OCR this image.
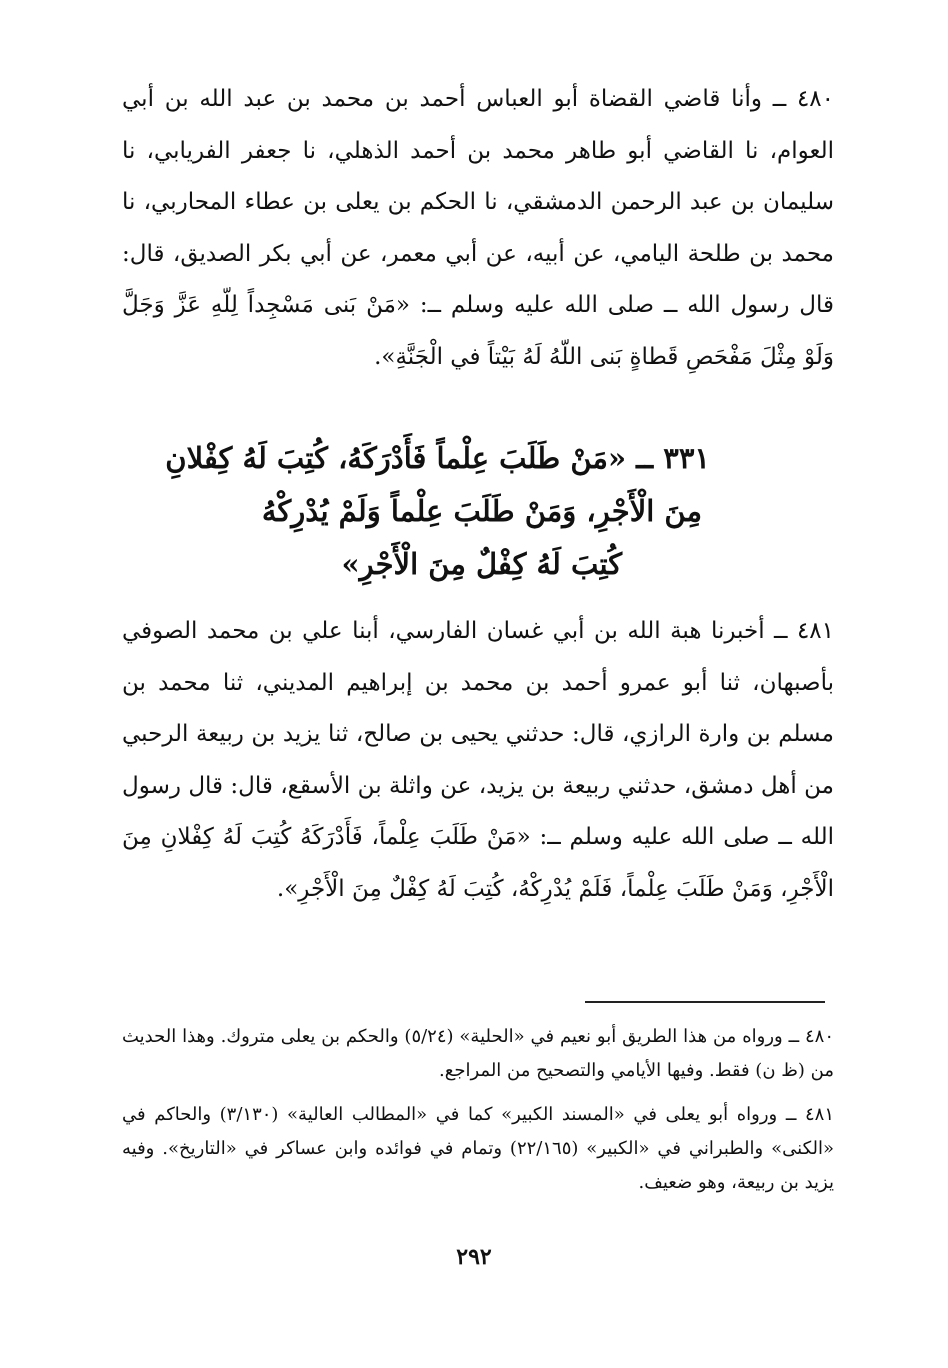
٤٨٠ ــ وأنا قاضي القضاة أبو العباس أحمد بن محمد بن عبد الله بن أبي العوام، نا القاضي أبو طاهر محمد بن أحمد الذهلي، نا جعفر الفريابي، نا سليمان بن عبد الرحمن الدمشقي، نا الحكم بن يعلى بن عطاء المحاربي، نا محمد بن طلحة اليامي، عن أبيه، عن أبي معمر، عن أبي بكر الصديق، قال: قال رسول الله ــ صلى الله عليه وسلم ــ: «مَنْ بَنى مَسْجِداً لِلّهِ عَزَّ وَجَلَّ وَلَوْ مِثْلَ مَفْحَصِ قَطاةٍ بَنى اللّهُ لَهُ بَيْتاً في الْجَنَّةِ».

٣٣١ ــ «مَنْ طَلَبَ عِلْماً فَأَدْرَكَهُ، كُتِبَ لَهُ كِفْلانِ
مِنَ الْأَجْرِ، وَمَنْ طَلَبَ عِلْماً وَلَمْ يُدْرِكْهُ
كُتِبَ لَهُ كِفْلٌ مِنَ الْأَجْرِ»

٤٨١ ــ أخبرنا هبة الله بن أبي غسان الفارسي، أبنا علي بن محمد الصوفي بأصبهان، ثنا أبو عمرو أحمد بن محمد بن إبراهيم المديني، ثنا محمد بن مسلم بن وارة الرازي، قال: حدثني يحيى بن صالح، ثنا يزيد بن ربيعة الرحبي من أهل دمشق، حدثني ربيعة بن يزيد، عن واثلة بن الأسقع، قال: قال رسول الله ــ صلى الله عليه وسلم ــ: «مَنْ طَلَبَ عِلْماً، فَأَدْرَكَهُ كُتِبَ لَهُ كِفْلانِ مِنَ الْأَجْرِ، وَمَنْ طَلَبَ عِلْماً، فَلَمْ يُدْرِكْهُ، كُتِبَ لَهُ كِفْلٌ مِنَ الْأَجْرِ».

٤٨٠ ــ ورواه من هذا الطريق أبو نعيم في «الحلية» (٥/٢٤) والحكم بن يعلى متروك. وهذا الحديث من (ظ ن) فقط. وفيها الأيامي والتصحيح من المراجع.

٤٨١ ــ ورواه أبو يعلى في «المسند الكبير» كما في «المطالب العالية» (٣/١٣٠) والحاكم في «الكنى» والطبراني في «الكبير» (٢٢/١٦٥) وتمام في فوائده وابن عساكر في «التاريخ». وفيه يزيد بن ربيعة، وهو ضعيف.

٢٩٢
